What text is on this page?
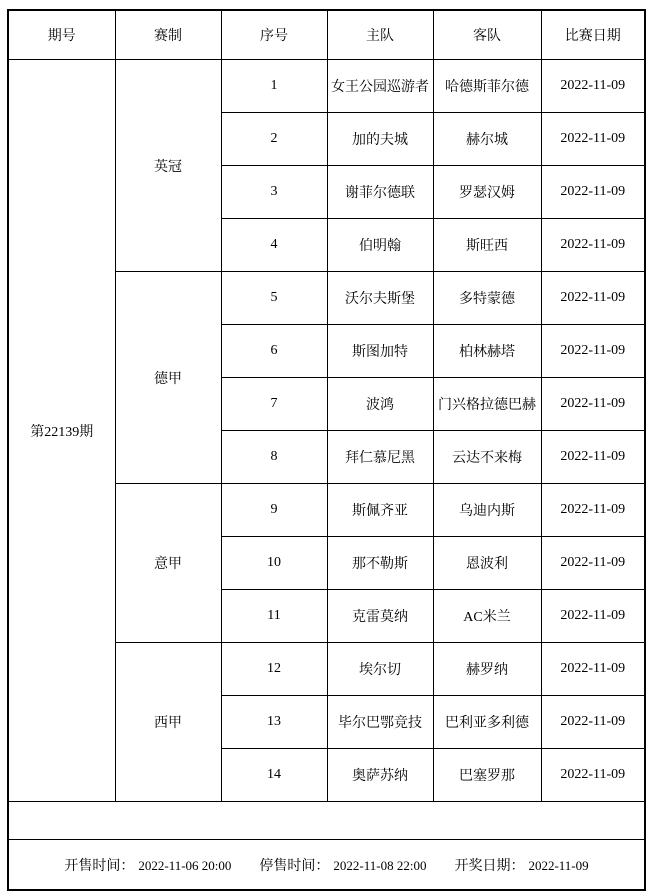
期号	赛制	序号	主队	客队	比赛日期
第22139期	英冠	1	女王公园巡游者	哈德斯菲尔德	2022-11-09
		2	加的夫城	赫尔城	2022-11-09
		3	谢菲尔德联	罗瑟汉姆	2022-11-09
		4	伯明翰	斯旺西	2022-11-09
	德甲	5	沃尔夫斯堡	多特蒙德	2022-11-09
		6	斯图加特	柏林赫塔	2022-11-09
		7	波鸿	门兴格拉德巴赫	2022-11-09
		8	拜仁慕尼黑	云达不来梅	2022-11-09
	意甲	9	斯佩齐亚	乌迪内斯	2022-11-09
		10	那不勒斯	恩波利	2022-11-09
		11	克雷莫纳	AC米兰	2022-11-09
	西甲	12	埃尔切	赫罗纳	2022-11-09
		13	毕尔巴鄂竞技	巴利亚多利德	2022-11-09
		14	奥萨苏纳	巴塞罗那	2022-11-09

开售时间： 2022-11-06 20:00 停售时间： 2022-11-08 22:00 开奖日期： 2022-11-09					
